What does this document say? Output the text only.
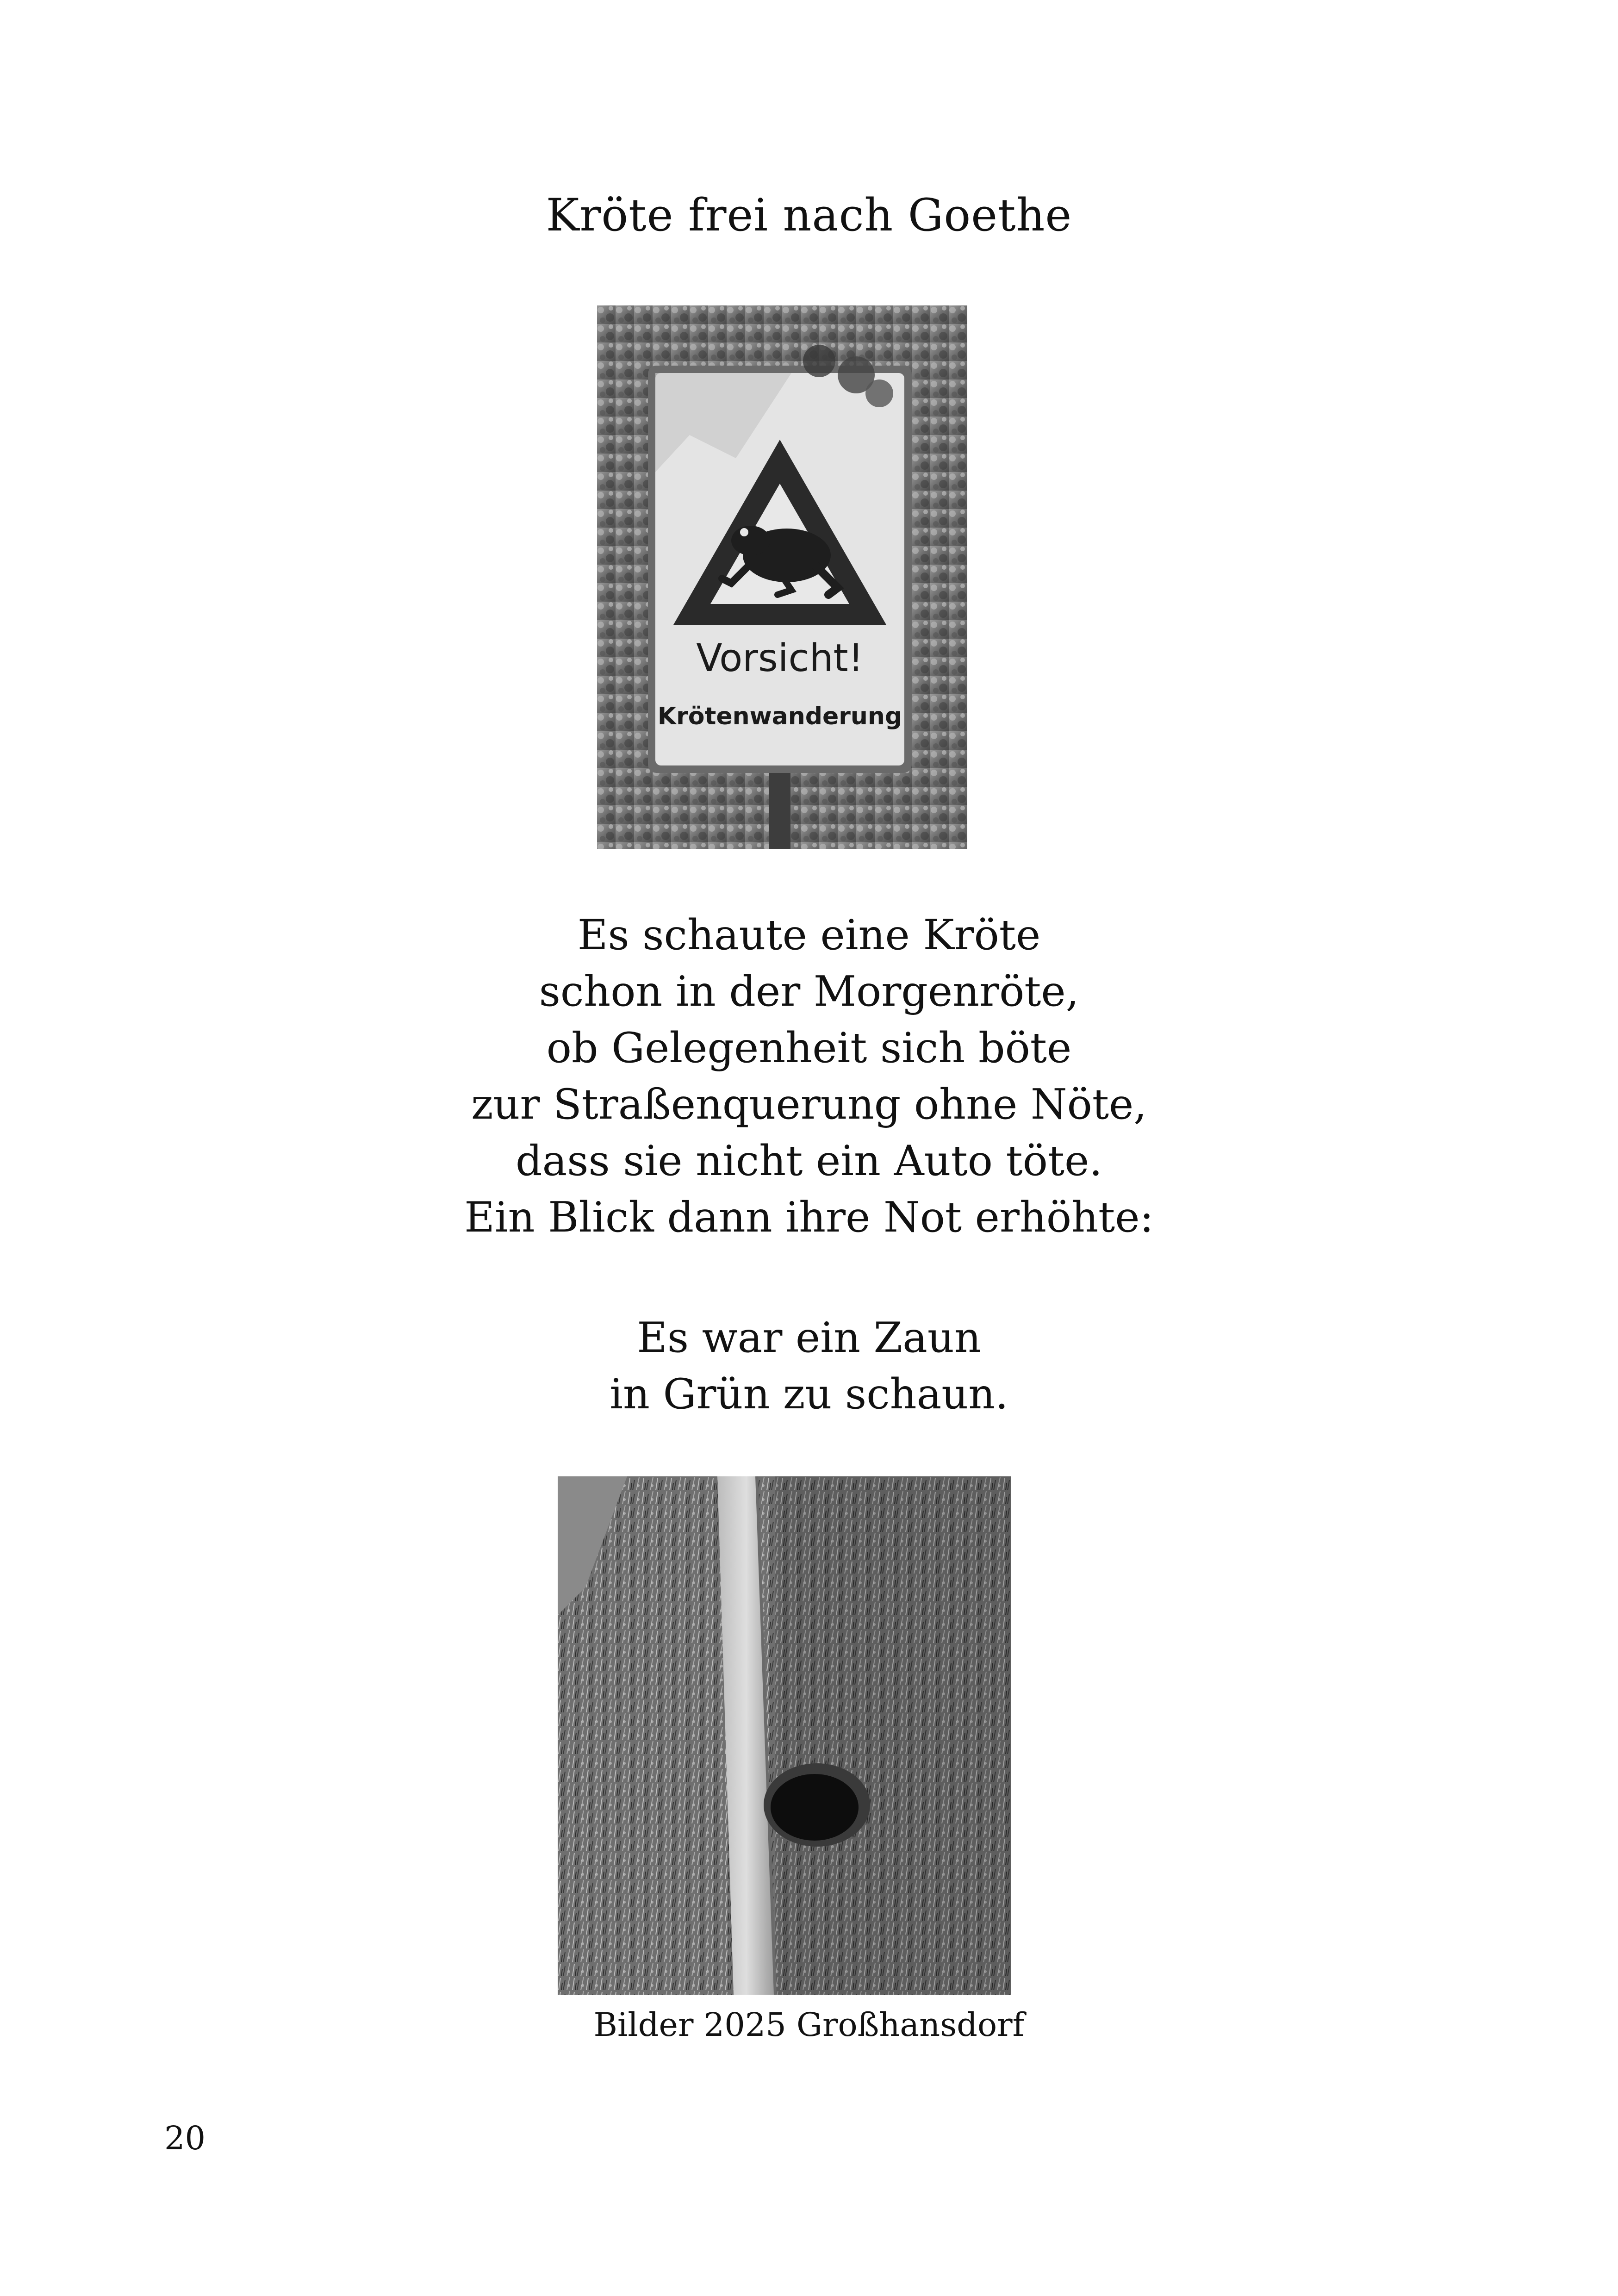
Kröte frei nach Goethe
Vorsicht!
Krötenwanderung
Es schaute eine Kröte
schon in der Morgenröte,
ob Gelegenheit sich böte
zur Straßenquerung ohne Nöte,
dass sie nicht ein Auto töte.
Ein Blick dann ihre Not erhöhte:
Es war ein Zaun
in Grün zu schaun.
Bilder 2025 Großhansdorf
20
